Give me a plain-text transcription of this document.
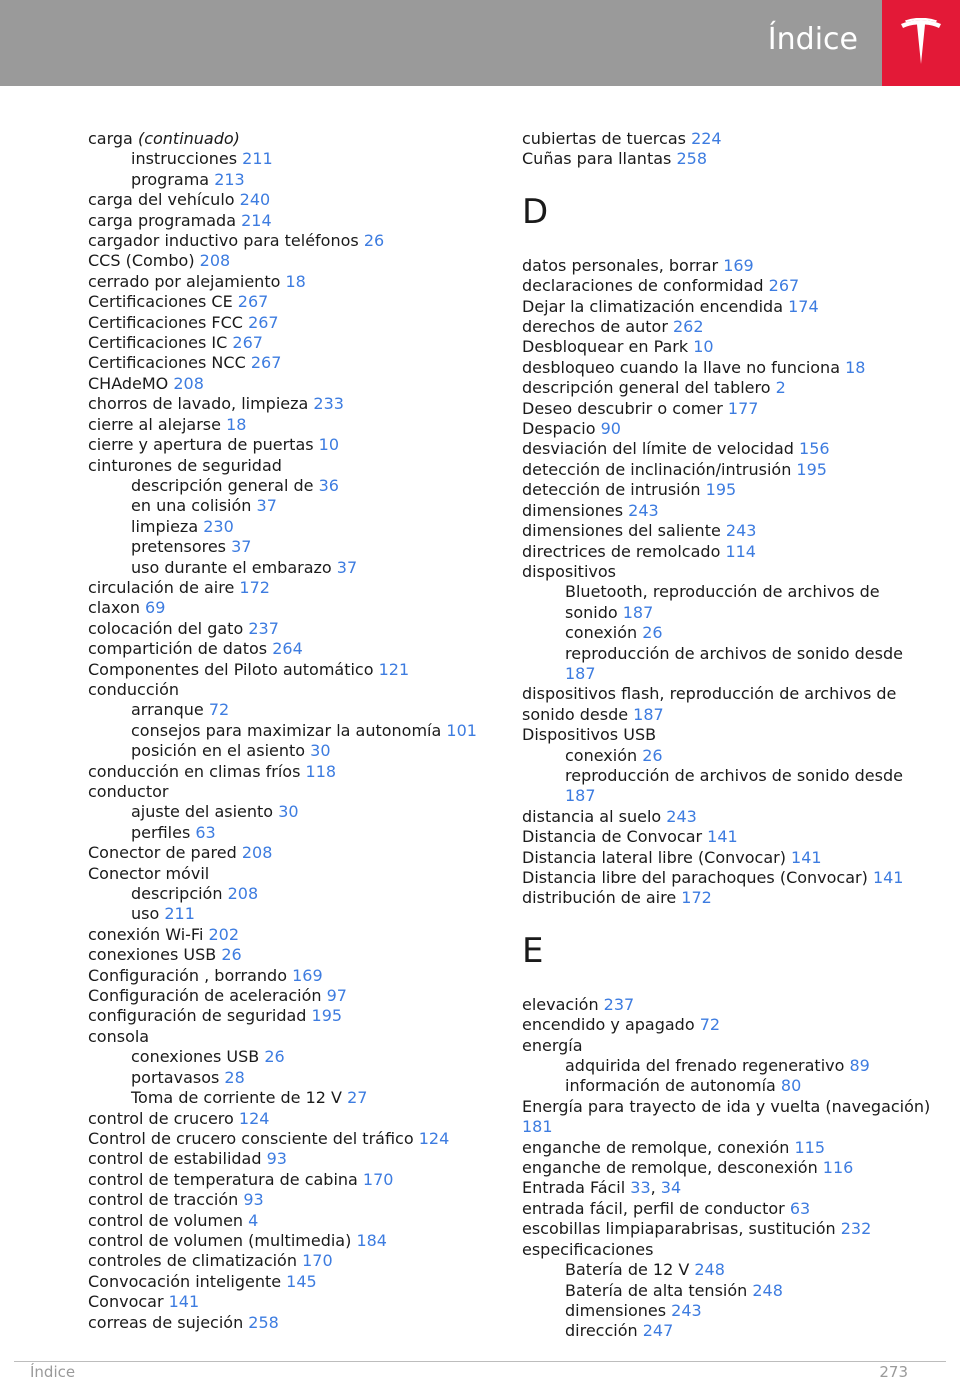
Índice
carga (continuado)
instrucciones 211
programa 213
carga del vehículo 240
carga programada 214
cargador inductivo para teléfonos 26
CCS (Combo) 208
cerrado por alejamiento 18
Certificaciones CE 267
Certificaciones FCC 267
Certificaciones IC 267
Certificaciones NCC 267
CHAdeMO 208
chorros de lavado, limpieza 233
cierre al alejarse 18
cierre y apertura de puertas 10
cinturones de seguridad
descripción general de 36
en una colisión 37
limpieza 230
pretensores 37
uso durante el embarazo 37
circulación de aire 172
claxon 69
colocación del gato 237
compartición de datos 264
Componentes del Piloto automático 121
conducción
arranque 72
consejos para maximizar la autonomía 101
posición en el asiento 30
conducción en climas fríos 118
conductor
ajuste del asiento 30
perfiles 63
Conector de pared 208
Conector móvil
descripción 208
uso 211
conexión Wi-Fi 202
conexiones USB 26
Configuración , borrando 169
Configuración de aceleración 97
configuración de seguridad 195
consola
conexiones USB 26
portavasos 28
Toma de corriente de 12 V 27
control de crucero 124
Control de crucero consciente del tráfico 124
control de estabilidad 93
control de temperatura de cabina 170
control de tracción 93
control de volumen 4
control de volumen (multimedia) 184
controles de climatización 170
Convocación inteligente 145
Convocar 141
correas de sujeción 258
cubiertas de tuercas 224
Cuñas para llantas 258
D
datos personales, borrar 169
declaraciones de conformidad 267
Dejar la climatización encendida 174
derechos de autor 262
Desbloquear en Park 10
desbloqueo cuando la llave no funciona 18
descripción general del tablero 2
Deseo descubrir o comer 177
Despacio 90
desviación del límite de velocidad 156
detección de inclinación/intrusión 195
detección de intrusión 195
dimensiones 243
dimensiones del saliente 243
directrices de remolcado 114
dispositivos
Bluetooth, reproducción de archivos de sonido 187
conexión 26
reproducción de archivos de sonido desde 187
dispositivos flash, reproducción de archivos de sonido desde 187
Dispositivos USB
conexión 26
reproducción de archivos de sonido desde 187
distancia al suelo 243
Distancia de Convocar 141
Distancia lateral libre (Convocar) 141
Distancia libre del parachoques (Convocar) 141
distribución de aire 172
E
elevación 237
encendido y apagado 72
energía
adquirida del frenado regenerativo 89
información de autonomía 80
Energía para trayecto de ida y vuelta (navegación) 181
enganche de remolque, conexión 115
enganche de remolque, desconexión 116
Entrada Fácil 33, 34
entrada fácil, perfil de conductor 63
escobillas limpiaparabrisas, sustitución 232
especificaciones
Batería de 12 V 248
Batería de alta tensión 248
dimensiones 243
dirección 247
Índice	273
